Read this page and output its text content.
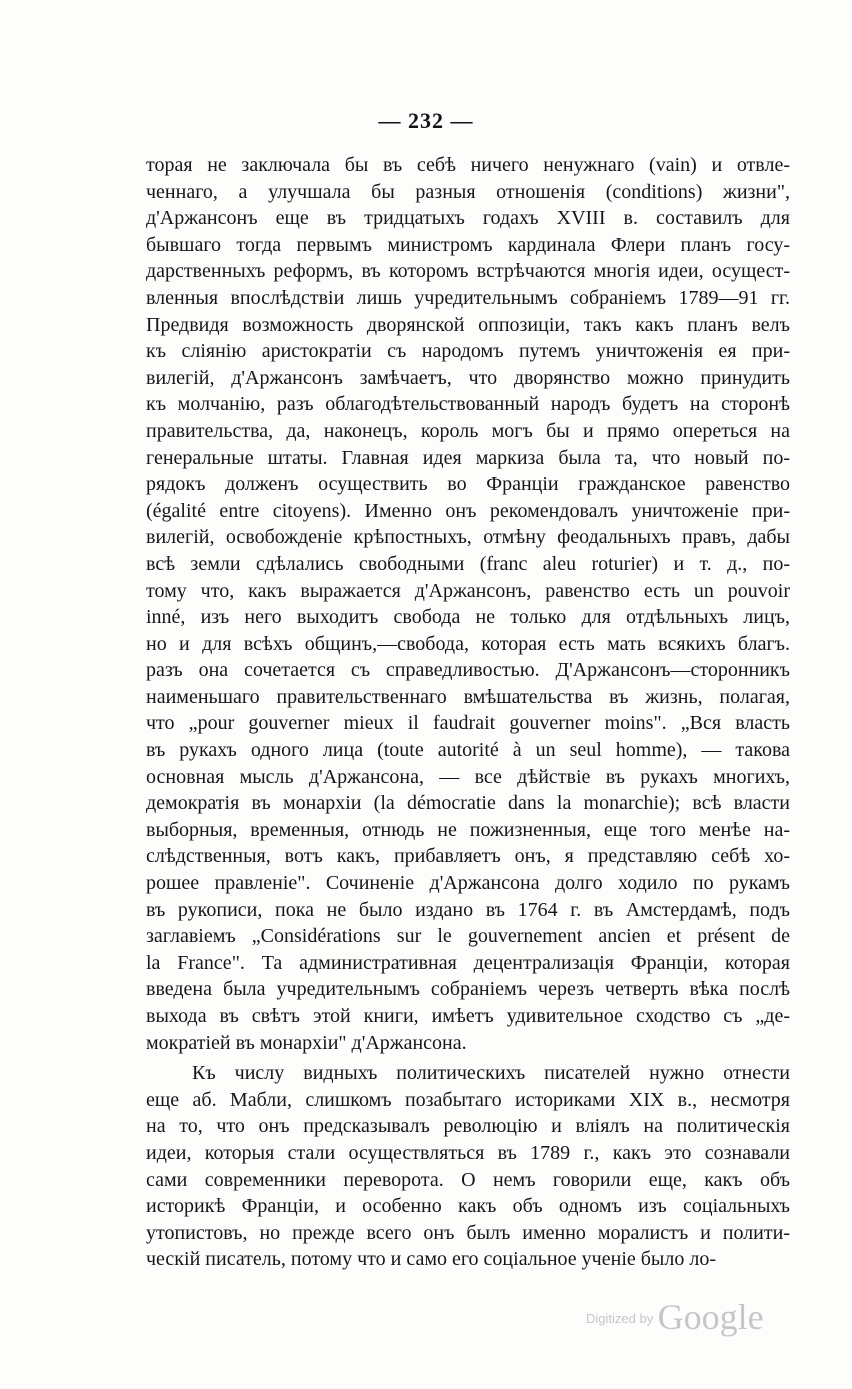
— 232 —
торая не заключала бы въ себѣ ничего ненужнаго (vain) и отвле-
ченнаго, а улучшала бы разныя отношенія (conditions) жизни",
д'Аржансонъ еще въ тридцатыхъ годахъ XVIII в. составилъ для
бывшаго тогда первымъ министромъ кардинала Флери планъ госу-
дарственныхъ реформъ, въ которомъ встрѣчаются многія идеи, осущест-
вленныя впослѣдствіи лишь учредительнымъ собраніемъ 1789—91 гг.
Предвидя возможность дворянской оппозиціи, такъ какъ планъ велъ
къ сліянію аристократіи съ народомъ путемъ уничтоженія ея при-
вилегій, д'Аржансонъ замѣчаетъ, что дворянство можно принудить
къ молчанію, разъ облагодѣтельствованный народъ будетъ на сторонѣ
правительства, да, наконецъ, король могъ бы и прямо опереться на
генеральные штаты. Главная идея маркиза была та, что новый по-
рядокъ долженъ осуществить во Франціи гражданское равенство
(égalité entre citoyens). Именно онъ рекомендовалъ уничтоженіе при-
вилегій, освобожденіе крѣпостныхъ, отмѣну феодальныхъ правъ, дабы
всѣ земли сдѣлались свободными (franc aleu roturier) и т. д., по-
тому что, какъ выражается д'Аржансонъ, равенство есть un pouvoir
inné, изъ него выходитъ свобода не только для отдѣльныхъ лицъ,
но и для всѣхъ общинъ,—свобода, которая есть мать всякихъ благъ.
разъ она сочетается съ справедливостью. Д'Аржансонъ—сторонникъ
наименьшаго правительственнаго вмѣшательства въ жизнь, полагая,
что „pour gouverner mieux il faudrait gouverner moins". „Вся власть
въ рукахъ одного лица (toute autorité à un seul homme), — такова
основная мысль д'Аржансона, — все дѣйствіе въ рукахъ многихъ,
демократія въ монархіи (la démocratie dans la monarchie); всѣ власти
выборныя, временныя, отнюдь не пожизненныя, еще того менѣе на-
слѣдственныя, вотъ какъ, прибавляетъ онъ, я представляю себѣ хо-
рошее правленіе". Сочиненіе д'Аржансона долго ходило по рукамъ
въ рукописи, пока не было издано въ 1764 г. въ Амстердамѣ, подъ
заглавіемъ „Considérations sur le gouvernement ancien et présent de
la France". Та административная децентрализація Франціи, которая
введена была учредительнымъ собраніемъ черезъ четверть вѣка послѣ
выхода въ свѣтъ этой книги, имѣетъ удивительное сходство съ „де-
мократіей въ монархіи" д'Аржансона.
Къ числу видныхъ политическихъ писателей нужно отнести
еще аб. Мабли, слишкомъ позабытаго историками XIX в., несмотря
на то, что онъ предсказывалъ революцію и вліялъ на политическія
идеи, которыя стали осуществляться въ 1789 г., какъ это сознавали
сами современники переворота. О немъ говорили еще, какъ объ
историкѣ Франціи, и особенно какъ объ одномъ изъ соціальныхъ
утопистовъ, но прежде всего онъ былъ именно моралистъ и полити-
ческій писатель, потому что и само его соціальное ученіе было ло-
$^{Digitized by}$ Google
